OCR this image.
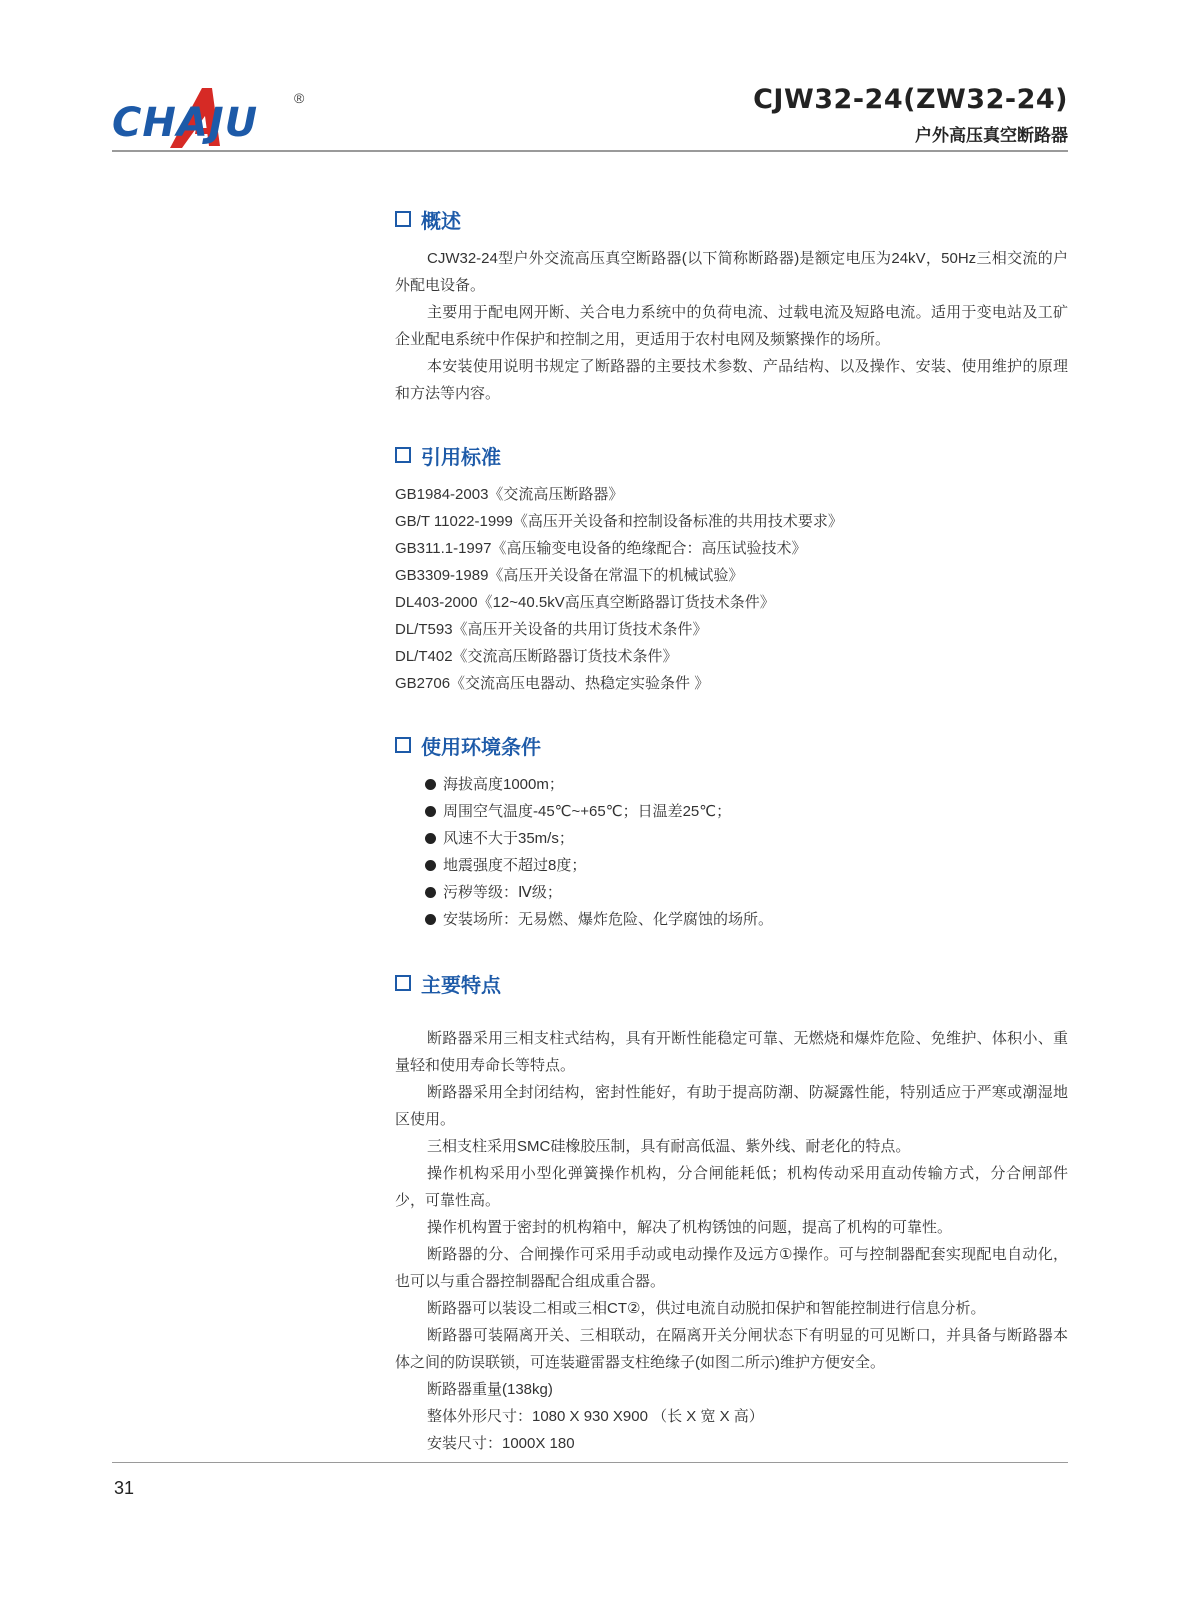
CHAJU
®	CJW32-24(ZW32-24)
户外高压真空断路器
概述

CJW32-24型户外交流高压真空断路器(以下简称断路器)是额定电压为24kV，50Hz三相交流的户外配电设备。

主要用于配电网开断、关合电力系统中的负荷电流、过载电流及短路电流。适用于变电站及工矿企业配电系统中作保护和控制之用，更适用于农村电网及频繁操作的场所。

本安装使用说明书规定了断路器的主要技术参数、产品结构、以及操作、安装、使用维护的原理和方法等内容。

引用标准
GB1984-2003《交流高压断路器》
GB/T 11022-1999《高压开关设备和控制设备标准的共用技术要求》
GB311.1-1997《高压输变电设备的绝缘配合：高压试验技术》
GB3309-1989《高压开关设备在常温下的机械试验》
DL403-2000《12~40.5kV高压真空断路器订货技术条件》
DL/T593《高压开关设备的共用订货技术条件》
DL/T402《交流高压断路器订货技术条件》
GB2706《交流高压电器动、热稳定实验条件 》
使用环境条件
海拔高度1000m；
周围空气温度-45℃~+65℃；日温差25℃；
风速不大于35m/s；
地震强度不超过8度；
污秽等级：Ⅳ级；
安装场所：无易燃、爆炸危险、化学腐蚀的场所。
主要特点

断路器采用三相支柱式结构，具有开断性能稳定可靠、无燃烧和爆炸危险、免维护、体积小、重量轻和使用寿命长等特点。

断路器采用全封闭结构，密封性能好，有助于提高防潮、防凝露性能，特别适应于严寒或潮湿地区使用。

三相支柱采用SMC硅橡胶压制，具有耐高低温、紫外线、耐老化的特点。

操作机构采用小型化弹簧操作机构，分合闸能耗低；机构传动采用直动传输方式，分合闸部件少，可靠性高。

操作机构置于密封的机构箱中，解决了机构锈蚀的问题，提高了机构的可靠性。

断路器的分、合闸操作可采用手动或电动操作及远方①操作。可与控制器配套实现配电自动化，也可以与重合器控制器配合组成重合器。

断路器可以装设二相或三相CT②，供过电流自动脱扣保护和智能控制进行信息分析。

断路器可装隔离开关、三相联动，在隔离开关分闸状态下有明显的可见断口，并具备与断路器本体之间的防误联锁，可连装避雷器支柱绝缘子(如图二所示)维护方便安全。

断路器重量(138kg)

整体外形尺寸：1080 X 930 X900 （长 X 宽 X 高）

安装尺寸：1000X 180

31
